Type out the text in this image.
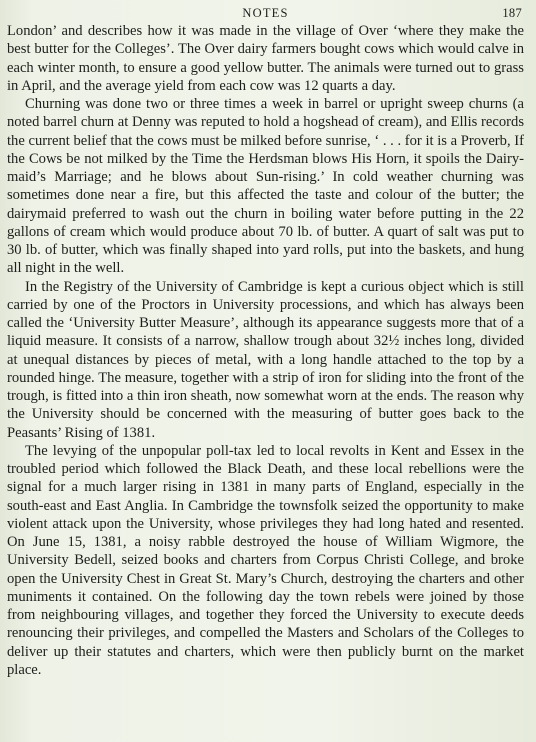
NOTES	187

London’ and describes how it was made in the village of Over ‘where they make the best butter for the Colleges’. The Over dairy farmers bought cows which would calve in each winter month, to ensure a good yellow butter. The animals were turned out to grass in April, and the average yield from each cow was 12 quarts a day.

Churning was done two or three times a week in barrel or upright sweep churns (a noted barrel churn at Denny was reputed to hold a hogshead of cream), and Ellis records the current belief that the cows must be milked before sunrise, ‘ . . . for it is a Proverb, If the Cows be not milked by the Time the Herdsman blows His Horn, it spoils the Dairy-maid’s Marriage; and he blows about Sun-rising.’ In cold weather churning was sometimes done near a fire, but this affected the taste and colour of the butter; the dairymaid preferred to wash out the churn in boiling water before putting in the 22 gallons of cream which would produce about 70 lb. of butter. A quart of salt was put to 30 lb. of butter, which was finally shaped into yard rolls, put into the baskets, and hung all night in the well.

In the Registry of the University of Cambridge is kept a curious object which is still carried by one of the Proctors in University processions, and which has always been called the ‘University Butter Measure’, although its appearance suggests more that of a liquid measure. It consists of a narrow, shallow trough about 32½ inches long, divided at unequal distances by pieces of metal, with a long handle attached to the top by a rounded hinge. The measure, together with a strip of iron for sliding into the front of the trough, is fitted into a thin iron sheath, now somewhat worn at the ends. The reason why the University should be concerned with the measuring of butter goes back to the Peasants’ Rising of 1381.

The levying of the unpopular poll-tax led to local revolts in Kent and Essex in the troubled period which followed the Black Death, and these local rebellions were the signal for a much larger rising in 1381 in many parts of England, especially in the south-east and East Anglia. In Cambridge the townsfolk seized the opportunity to make violent attack upon the University, whose privileges they had long hated and resented. On June 15, 1381, a noisy rabble destroyed the house of William Wigmore, the University Bedell, seized books and charters from Corpus Christi College, and broke open the University Chest in Great St. Mary’s Church, destroying the charters and other muniments it contained. On the following day the town rebels were joined by those from neighbouring villages, and together they forced the University to execute deeds renouncing their privileges, and compelled the Masters and Scholars of the Colleges to deliver up their statutes and charters, which were then publicly burnt on the market place.
